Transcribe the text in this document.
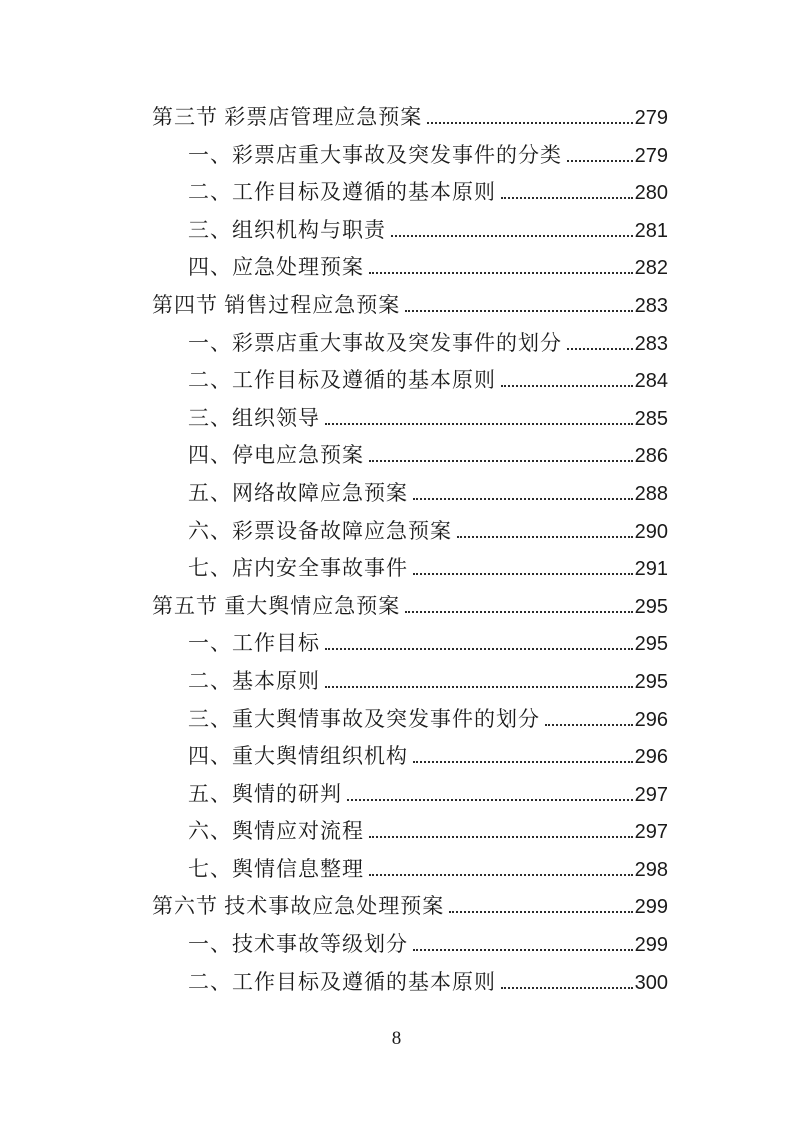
第三节 彩票店管理应急预案	279
一、彩票店重大事故及突发事件的分类	279
二、工作目标及遵循的基本原则	280
三、组织机构与职责	281
四、应急处理预案	282
第四节 销售过程应急预案	283
一、彩票店重大事故及突发事件的划分	283
二、工作目标及遵循的基本原则	284
三、组织领导	285
四、停电应急预案	286
五、网络故障应急预案	288
六、彩票设备故障应急预案	290
七、店内安全事故事件	291
第五节 重大舆情应急预案	295
一、工作目标	295
二、基本原则	295
三、重大舆情事故及突发事件的划分	296
四、重大舆情组织机构	296
五、舆情的研判	297
六、舆情应对流程	297
七、舆情信息整理	298
第六节 技术事故应急处理预案	299
一、技术事故等级划分	299
二、工作目标及遵循的基本原则	300
8
